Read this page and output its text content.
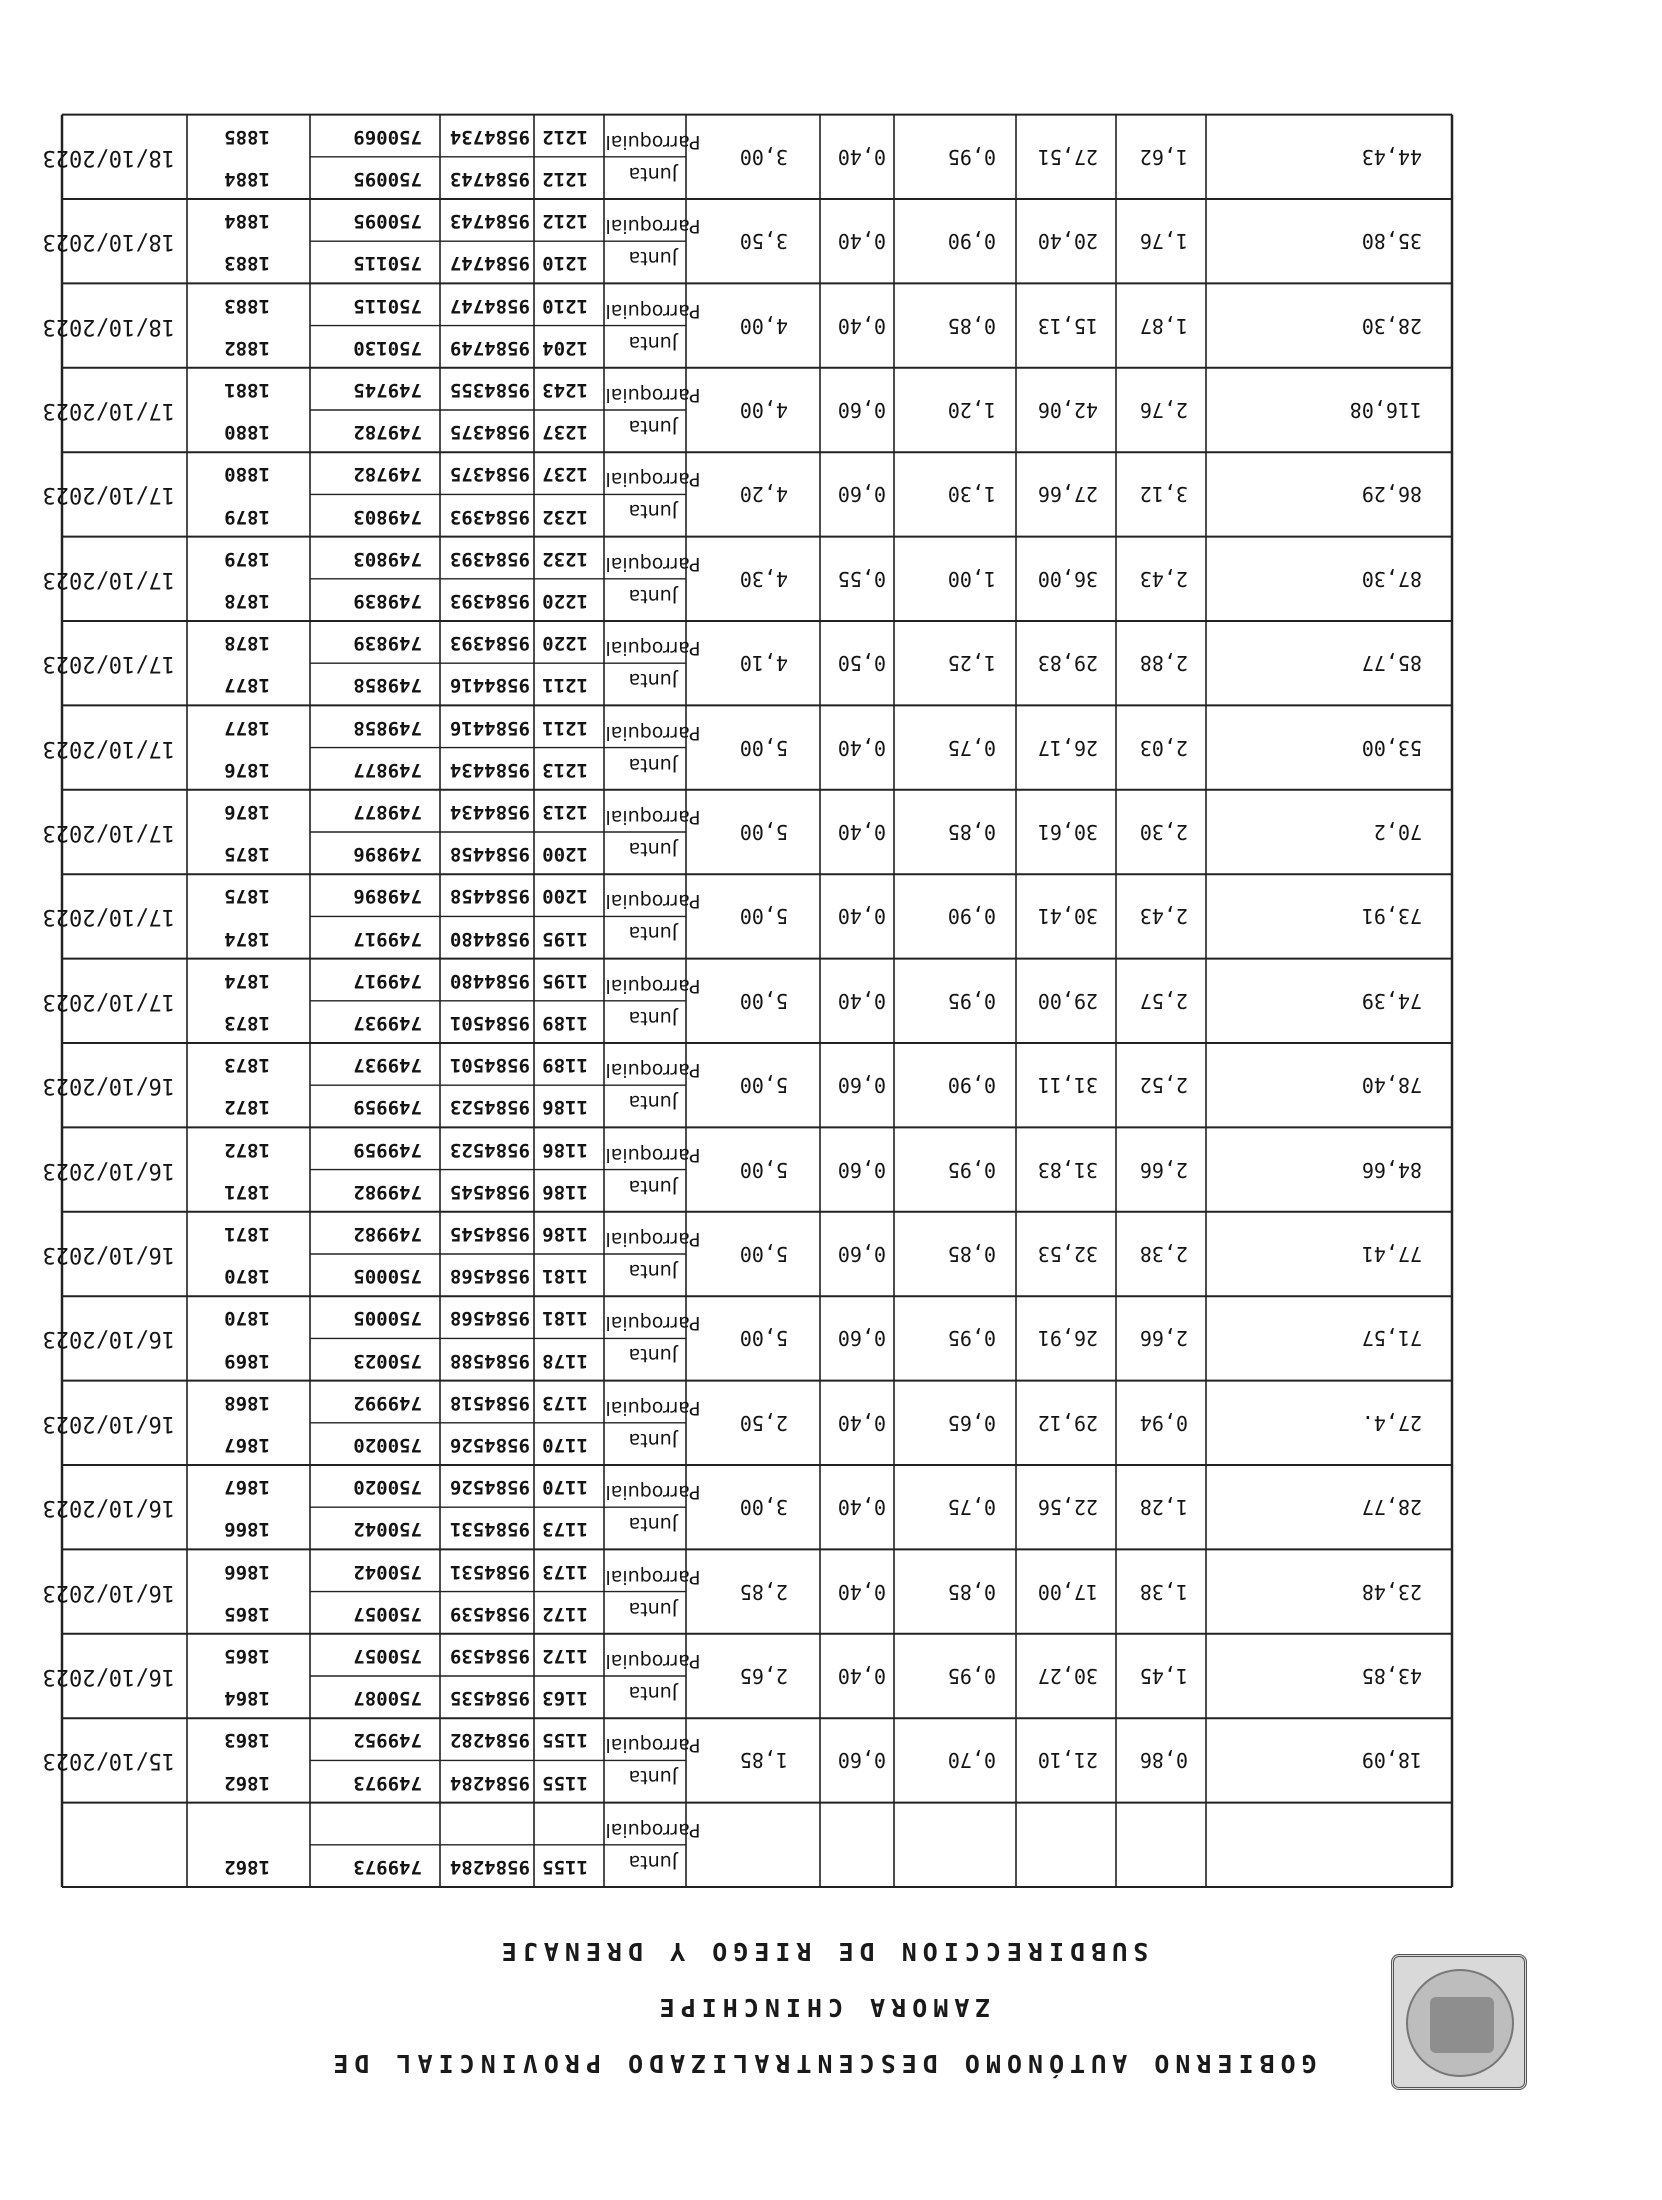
GOBIERNO AUTÓNOMO DESCENTRALIZADO PROVINCIAL DE
ZAMORA CHINCHIPE
SUBDIRECCION DE RIEGO Y DRENAJE
Junta
Parroquial
1155
9584284
749973
1862
18,09
0,86
21,10
0,70
0,60
1,85
Junta
Parroquial
1155
9584284
749973
1862
1155
9584282
749952
1863
15/10/2023
43,85
1,45
30,27
0,95
0,40
2,65
Junta
Parroquial
1163
9584535
750087
1864
1172
9584539
750057
1865
16/10/2023
23,48
1,38
17,00
0,85
0,40
2,85
Junta
Parroquial
1172
9584539
750057
1865
1173
9584531
750042
1866
16/10/2023
28,77
1,28
22,56
0,75
0,40
3,00
Junta
Parroquial
1173
9584531
750042
1866
1170
9584526
750020
1867
16/10/2023
27,4.
0,94
29,12
0,65
0,40
2,50
Junta
Parroquial
1170
9584526
750020
1867
1173
9584518
749992
1868
16/10/2023
71,57
2,66
26,91
0,95
0,60
5,00
Junta
Parroquial
1178
9584588
750023
1869
1181
9584568
750005
1870
16/10/2023
77,41
2,38
32,53
0,85
0,60
5,00
Junta
Parroquial
1181
9584568
750005
1870
1186
9584545
749982
1871
16/10/2023
84,66
2,66
31,83
0,95
0,60
5,00
Junta
Parroquial
1186
9584545
749982
1871
1186
9584523
749959
1872
16/10/2023
78,40
2,52
31,11
0,90
0,60
5,00
Junta
Parroquial
1186
9584523
749959
1872
1189
9584501
749937
1873
16/10/2023
74,39
2,57
29,00
0,95
0,40
5,00
Junta
Parroquial
1189
9584501
749937
1873
1195
9584480
749917
1874
17/10/2023
73,91
2,43
30,41
0,90
0,40
5,00
Junta
Parroquial
1195
9584480
749917
1874
1200
9584458
749896
1875
17/10/2023
70,2
2,30
30,61
0,85
0,40
5,00
Junta
Parroquial
1200
9584458
749896
1875
1213
9584434
749877
1876
17/10/2023
53,00
2,03
26,17
0,75
0,40
5,00
Junta
Parroquial
1213
9584434
749877
1876
1211
9584416
749858
1877
17/10/2023
85,77
2,88
29,83
1,25
0,50
4,10
Junta
Parroquial
1211
9584416
749858
1877
1220
9584393
749839
1878
17/10/2023
87,30
2,43
36,00
1,00
0,55
4,30
Junta
Parroquial
1220
9584393
749839
1878
1232
9584393
749803
1879
17/10/2023
86,29
3,12
27,66
1,30
0,60
4,20
Junta
Parroquial
1232
9584393
749803
1879
1237
9584375
749782
1880
17/10/2023
116,08
2,76
42,06
1,20
0,60
4,00
Junta
Parroquial
1237
9584375
749782
1880
1243
9584355
749745
1881
17/10/2023
28,30
1,87
15,13
0,85
0,40
4,00
Junta
Parroquial
1204
9584749
750130
1882
1210
9584747
750115
1883
18/10/2023
35,80
1,76
20,40
0,90
0,40
3,50
Junta
Parroquial
1210
9584747
750115
1883
1212
9584743
750095
1884
18/10/2023
44,43
1,62
27,51
0,95
0,40
3,00
Junta
Parroquial
1212
9584743
750095
1884
1212
9584734
750069
1885
18/10/2023
